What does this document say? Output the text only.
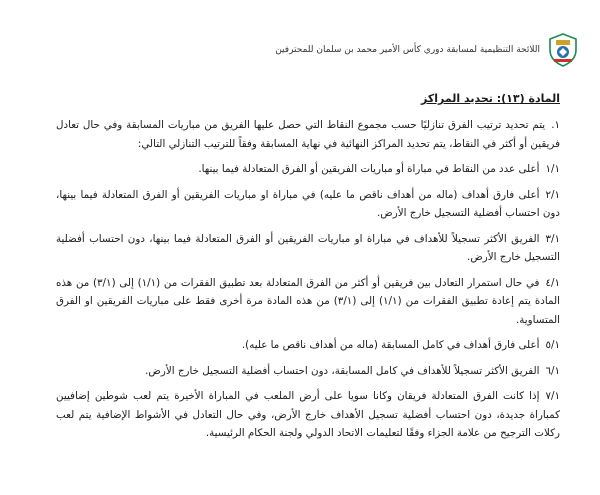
اللائحة التنظيمية لمسابقة دوري كأس الأمير محمد بن سلمان للمحترفين
المادة (١٣): تحديد المراكز

١.يتم تحديد ترتيب الفرق تنازليًا حسب مجموع النقاط التي حصل عليها الفريق من مباريات المسابقة وفي حال تعادل فريقين أو أكثر في النقاط، يتم تحديد المراكز النهائية في نهاية المسابقة وفقاً للترتيب التنازلي التالي:

١/١أعلى عدد من النقاط في مباراة أو مباريات الفريقين أو الفرق المتعادلة فيما بينها.

٢/١أعلى فارق أهداف (ماله من أهداف ناقص ما عليه) في مباراة او مباريات الفريقين أو الفرق المتعادلة فيما بينها، دون احتساب أفضلية التسجيل خارج الأرض.

٣/١الفريق الأكثر تسجيلاً للأهداف في مباراة او مباريات الفريقين أو الفرق المتعادلة فيما بينها، دون احتساب أفضلية التسجيل خارج الأرض.

٤/١في حال استمرار التعادل بين فريقين أو أكثر من الفرق المتعادلة بعد تطبيق الفقرات من (١/١) إلى (٣/١) من هذه المادة يتم إعادة تطبيق الفقرات من (١/١) إلى (٣/١) من هذه المادة مرة أخرى فقط على مباريات الفريقين او الفرق المتساوية.

٥/١أعلى فارق أهداف في كامل المسابقة (ماله من أهداف ناقص ما عليه).

٦/١الفريق الأكثر تسجيلاً للأهداف في كامل المسابقة، دون احتساب أفضلية التسجيل خارج الأرض.

٧/١إذا كانت الفرق المتعادلة فريقان وكانا سويا على أرض الملعب في المباراة الأخيرة يتم لعب شوطين إضافيين كمباراة جديدة، دون احتساب أفضلية تسجيل الأهداف خارج الأرض، وفي حال التعادل في الأشواط الإضافية يتم لعب ركلات الترجيح من علامة الجزاء وفقًا لتعليمات الاتحاد الدولي ولجنة الحكام الرئيسية.
